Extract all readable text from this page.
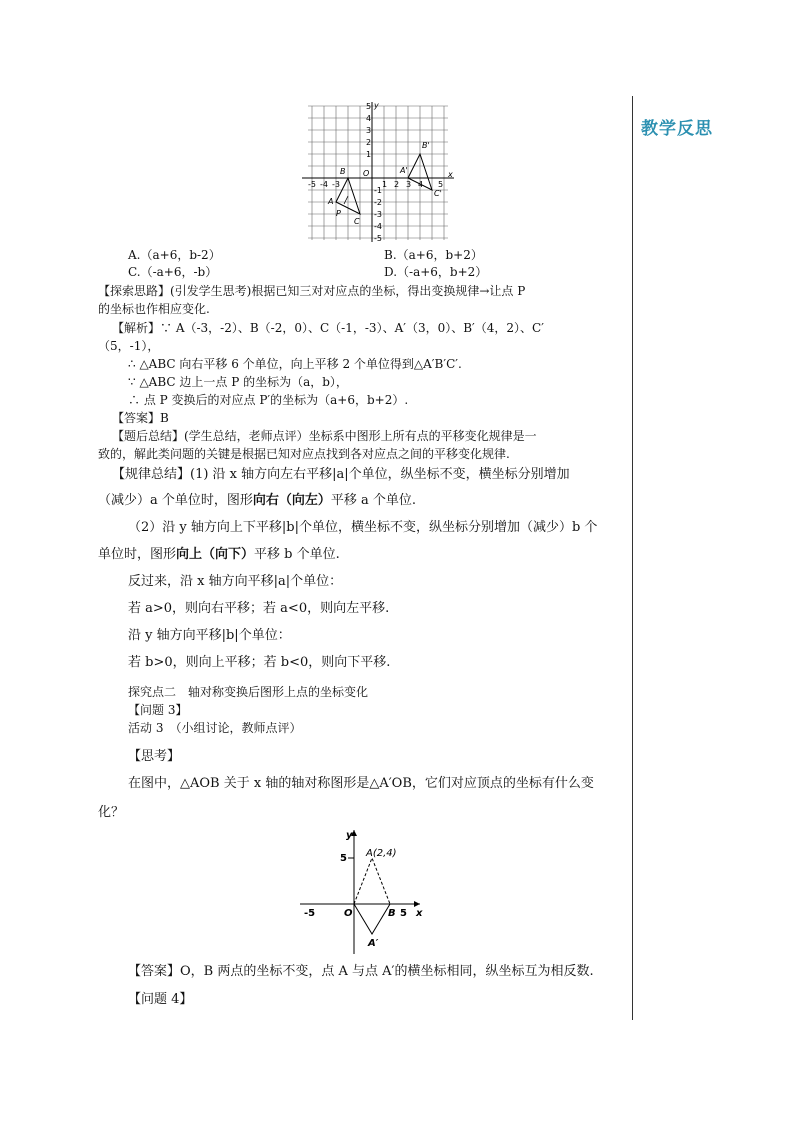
教学反思
y
x
O
5
4
3
2
1
-1
-2
-3
-4
-5
-5 -4 -3	1 2 3 4 5
A
B
C
P
A'
B'
C'
A.（a+6，b-2）	B.（a+6，b+2）
C.（-a+6，-b）	D.（-a+6，b+2）
【探索思路】(引发学生思考)根据已知三对对应点的坐标，得出变换规律→让点 P
的坐标也作相应变化.
【解析】∵ A（-3，-2）、B（-2，0）、C（-1，-3）、A′（3，0）、B′（4，2）、C′
（5，-1），
∴ △ABC 向右平移 6 个单位，向上平移 2 个单位得到△A′B′C′.
∵ △ABC 边上一点 P 的坐标为（a，b），
∴ 点 P 变换后的对应点 P′的坐标为（a+6，b+2）.
【答案】B
【题后总结】(学生总结，老师点评）坐标系中图形上所有点的平移变化规律是一
致的，解此类问题的关键是根据已知对应点找到各对应点之间的平移变化规律.
【规律总结】(1) 沿 x 轴方向左右平移|a|个单位，纵坐标不变，横坐标分别增加
（减少）a 个单位时，图形向右（向左）平移 a 个单位.
（2）沿 y 轴方向上下平移|b|个单位，横坐标不变，纵坐标分别增加（减少）b 个
单位时，图形向上（向下）平移 b 个单位.
反过来，沿 x 轴方向平移|a|个单位：
若 a>0，则向右平移；若 a<0，则向左平移.
沿 y 轴方向平移|b|个单位：
若 b>0，则向上平移；若 b<0，则向下平移.
探究点二　轴对称变换后图形上点的坐标变化
【问题 3】
活动 3　（小组讨论，教师点评）
【思考】
在图中，△AOB 关于 x 轴的轴对称图形是△A′OB，它们对应顶点的坐标有什么变
化？
y
x
O
5
-5	5
A(2,4)
B
A′
【答案】O，B 两点的坐标不变，点 A 与点 A′的横坐标相同，纵坐标互为相反数.
【问题 4】
